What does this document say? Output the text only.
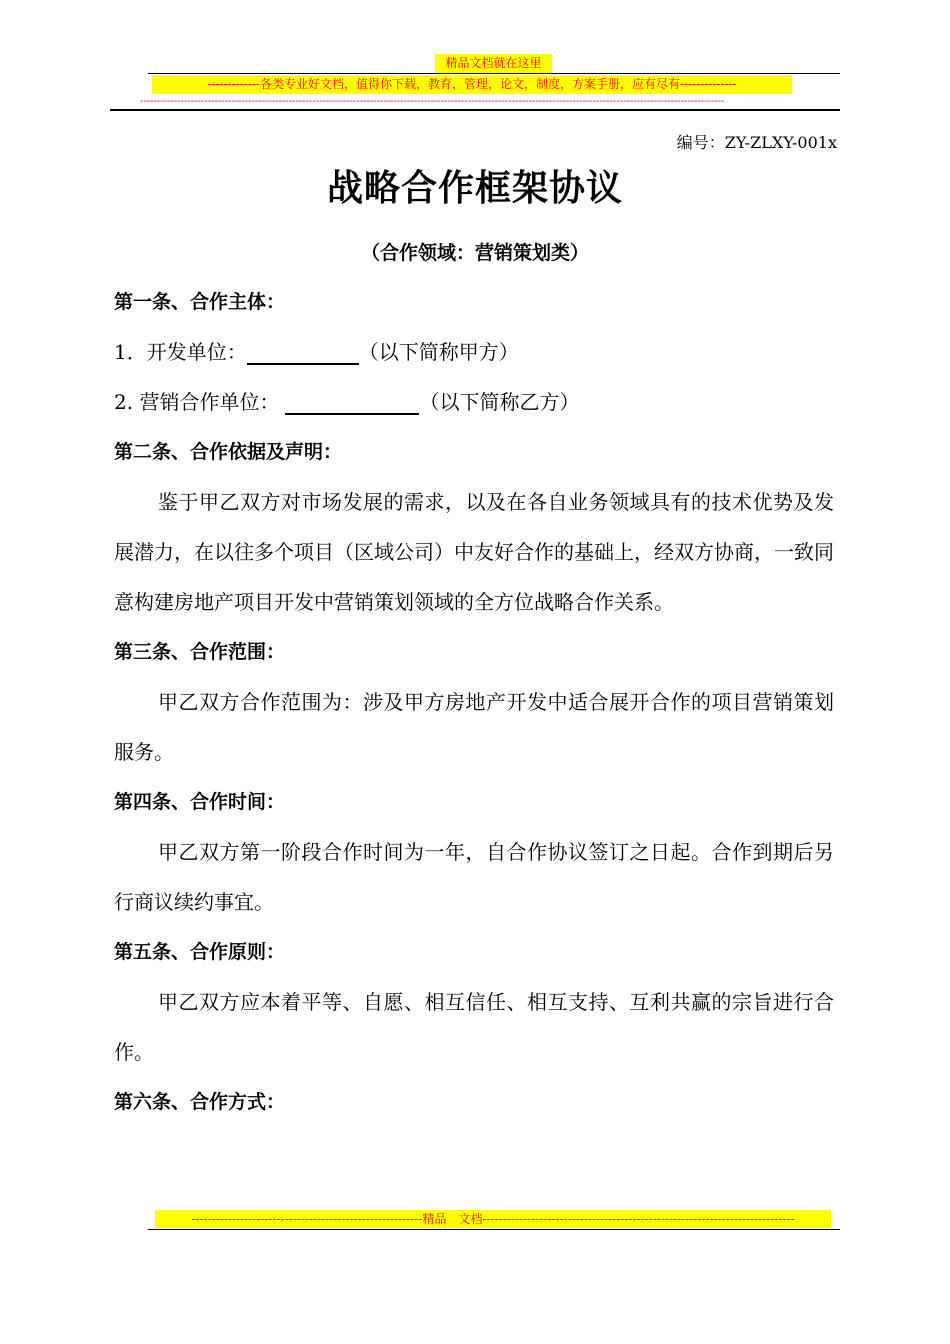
精品文档就在这里
-------------各类专业好文档，值得你下载，教育，管理，论文，制度，方案手册，应有尽有--------------
-----------------------------------------------------------------------------------------------------------------------------------------------------------------------------
编号：ZY-ZLXY-001x
战略合作框架协议
（合作领域：营销策划类）
第一条、合作主体：
1．开发单位：	（以下简称甲方）
2. 营销合作单位：	（以下简称乙方）
第二条、合作依据及声明：
鉴于甲乙双方对市场发展的需求，以及在各自业务领域具有的技术优势及发展潜力，在以往多个项目（区域公司）中友好合作的基础上，经双方协商，一致同意构建房地产项目开发中营销策划领域的全方位战略合作关系。
第三条、合作范围：
甲乙双方合作范围为：涉及甲方房地产开发中适合展开合作的项目营销策划服务。
第四条、合作时间：
甲乙双方第一阶段合作时间为一年，自合作协议签订之日起。合作到期后另行商议续约事宜。
第五条、合作原则：
甲乙双方应本着平等、自愿、相互信任、相互支持、互利共赢的宗旨进行合作。
第六条、合作方式：
---------------------------------------------------------精品　文档-----------------------------------------------------------------------------
